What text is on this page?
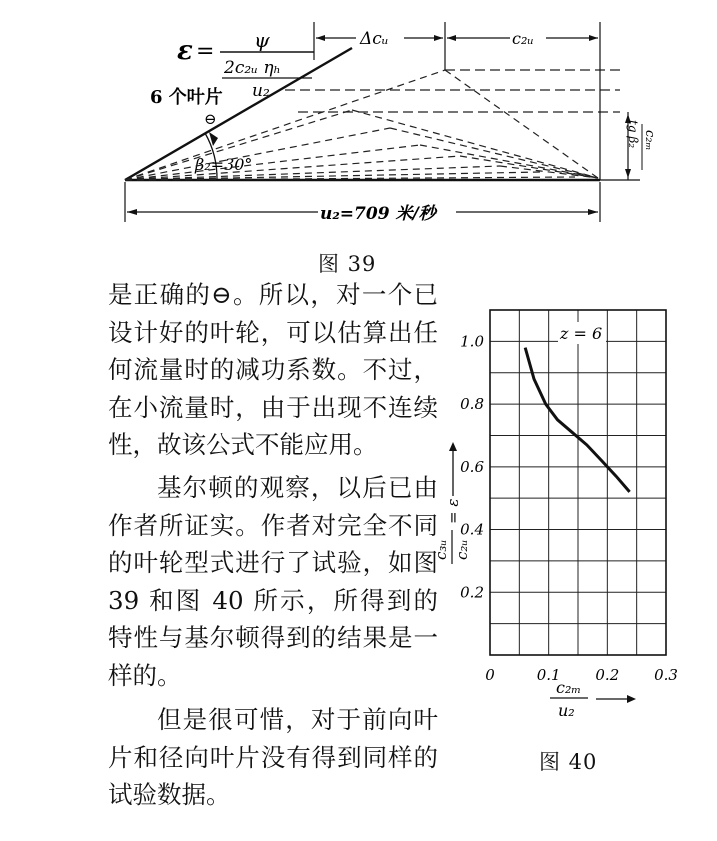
ε = ψ
2c₂ᵤ ηₕ
u₂
6 个叶片
⊖
β₂=30°
Δcᵤ	c₂ᵤ
c₂ₘ
tg β₂
u₂=709 米/秒
图 39
0	0.1 0.2 0.3
0.2
0.4
0.6
0.8
1.0	z = 6
c₃ᵤ c₂ᵤ
= ε
c₂ₘ
u₂
图 40

是正确的⊖。所以，对一个已设计好的叶轮，可以估算出任何流量时的减功系数。不过，在小流量时，由于出现不连续性，故该公式不能应用。

基尔顿的观察，以后已由作者所证实。作者对完全不同的叶轮型式进行了试验，如图 39 和图 40 所示，所得到的特性与基尔顿得到的结果是一样的。

但是很可惜，对于前向叶片和径向叶片没有得到同样的试验数据。
